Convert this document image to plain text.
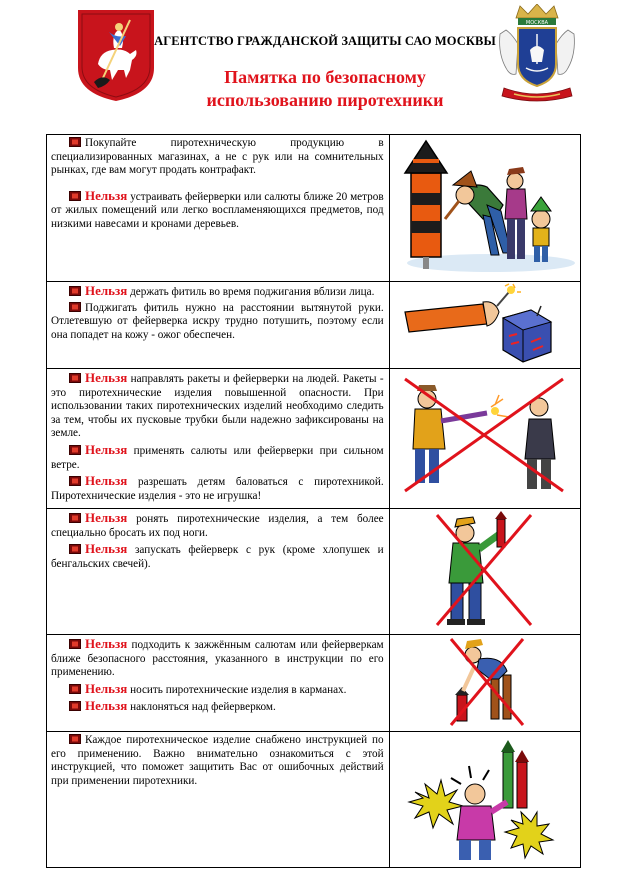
АГЕНТСТВО ГРАЖДАНСКОЙ ЗАЩИТЫ САО МОСКВЫ
Памятка по безопасному
использованию пиротехники
МОСКВА

Покупайте пиротехническую продукцию в специализированных магазинах, а не с рук или на сомнительных рынках, где вам могут продать контрафакт.

Нельзя устраивать фейерверки или салюты ближе 20 метров от жилых помещений или легко воспламеняющихся предметов, под низкими навесами и кронами деревьев.

Нельзя держать фитиль во время поджигания вблизи лица.

Поджигать фитиль нужно на расстоянии вытянутой руки. Отлетевшую от фейерверка искру трудно потушить, поэтому если она попадет на кожу - ожог обеспечен.

Нельзя направлять ракеты и фейерверки на людей. Ракеты - это пиротехнические изделия повышенной опасности. При использовании таких пиротехнических изделий необходимо следить за тем, чтобы их пусковые трубки были надежно зафиксированы на земле.

Нельзя применять салюты или фейерверки при сильном ветре.

Нельзя разрешать детям баловаться с пиротехникой. Пиротехнические изделия - это не игрушка!

Нельзя ронять пиротехнические изделия, а тем более специально бросать их под ноги.

Нельзя запускать фейерверк с рук (кроме хлопушек и бенгальских свечей).

Нельзя подходить к зажжённым салютам или фейерверкам ближе безопасного расстояния, указанного в инструкции по его применению.

Нельзя носить пиротехнические изделия в карманах.

Нельзя наклоняться над фейерверком.

Каждое пиротехническое изделие снабжено инструкцией по его применению. Важно внимательно ознакомиться с этой инструкцией, что поможет защитить Вас от ошибочных действий при применении пиротехники.
